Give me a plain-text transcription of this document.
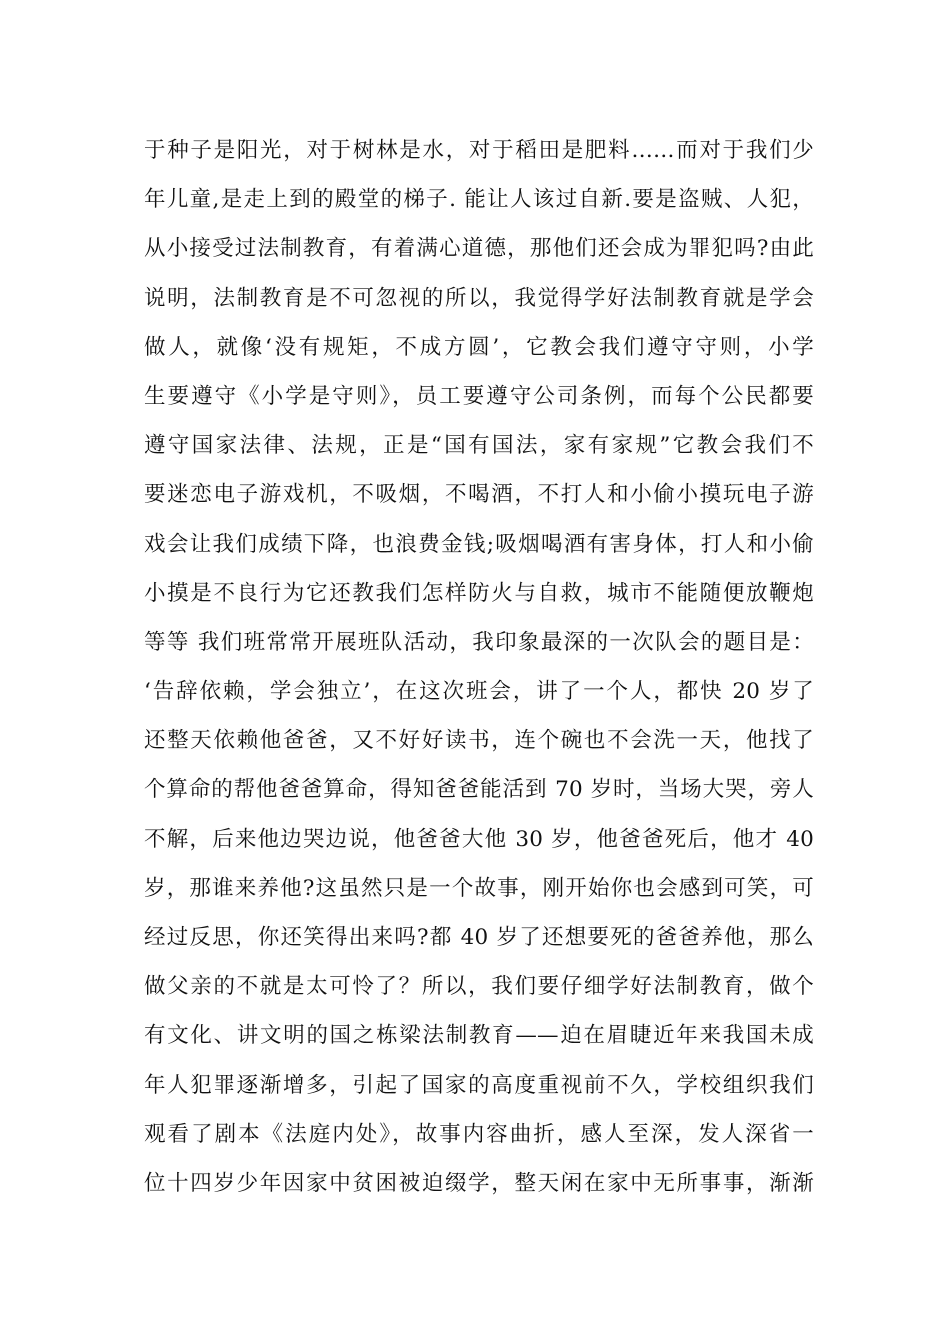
于种子是阳光，对于树林是水，对于稻田是肥料……而对于我们少
年儿童,是走上到的殿堂的梯子. 能让人该过自新.要是盗贼、人犯，
从小接受过法制教育，有着满心道德，那他们还会成为罪犯吗?由此
说明，法制教育是不可忽视的所以，我觉得学好法制教育就是学会
做人，就像‘没有规矩，不成方圆’，它教会我们遵守守则，小学
生要遵守《小学是守则》，员工要遵守公司条例，而每个公民都要
遵守国家法律、法规，正是“国有国法，家有家规”它教会我们不
要迷恋电子游戏机，不吸烟，不喝酒，不打人和小偷小摸玩电子游
戏会让我们成绩下降，也浪费金钱;吸烟喝酒有害身体，打人和小偷
小摸是不良行为它还教我们怎样防火与自救，城市不能随便放鞭炮
等等 我们班常常开展班队活动，我印象最深的一次队会的题目是：
‘告辞依赖，学会独立’，在这次班会，讲了一个人，都快 20 岁了
还整天依赖他爸爸，又不好好读书，连个碗也不会洗一天，他找了
个算命的帮他爸爸算命，得知爸爸能活到 70 岁时，当场大哭，旁人
不解，后来他边哭边说，他爸爸大他 30 岁，他爸爸死后，他才 40
岁，那谁来养他?这虽然只是一个故事，刚开始你也会感到可笑，可
经过反思，你还笑得出来吗?都 40 岁了还想要死的爸爸养他，那么
做父亲的不就是太可怜了？所以，我们要仔细学好法制教育，做个
有文化、讲文明的国之栋梁法制教育——迫在眉睫近年来我国未成
年人犯罪逐渐增多，引起了国家的高度重视前不久，学校组织我们
观看了剧本《法庭内处》，故事内容曲折，感人至深，发人深省一
位十四岁少年因家中贫困被迫缀学，整天闲在家中无所事事，渐渐
